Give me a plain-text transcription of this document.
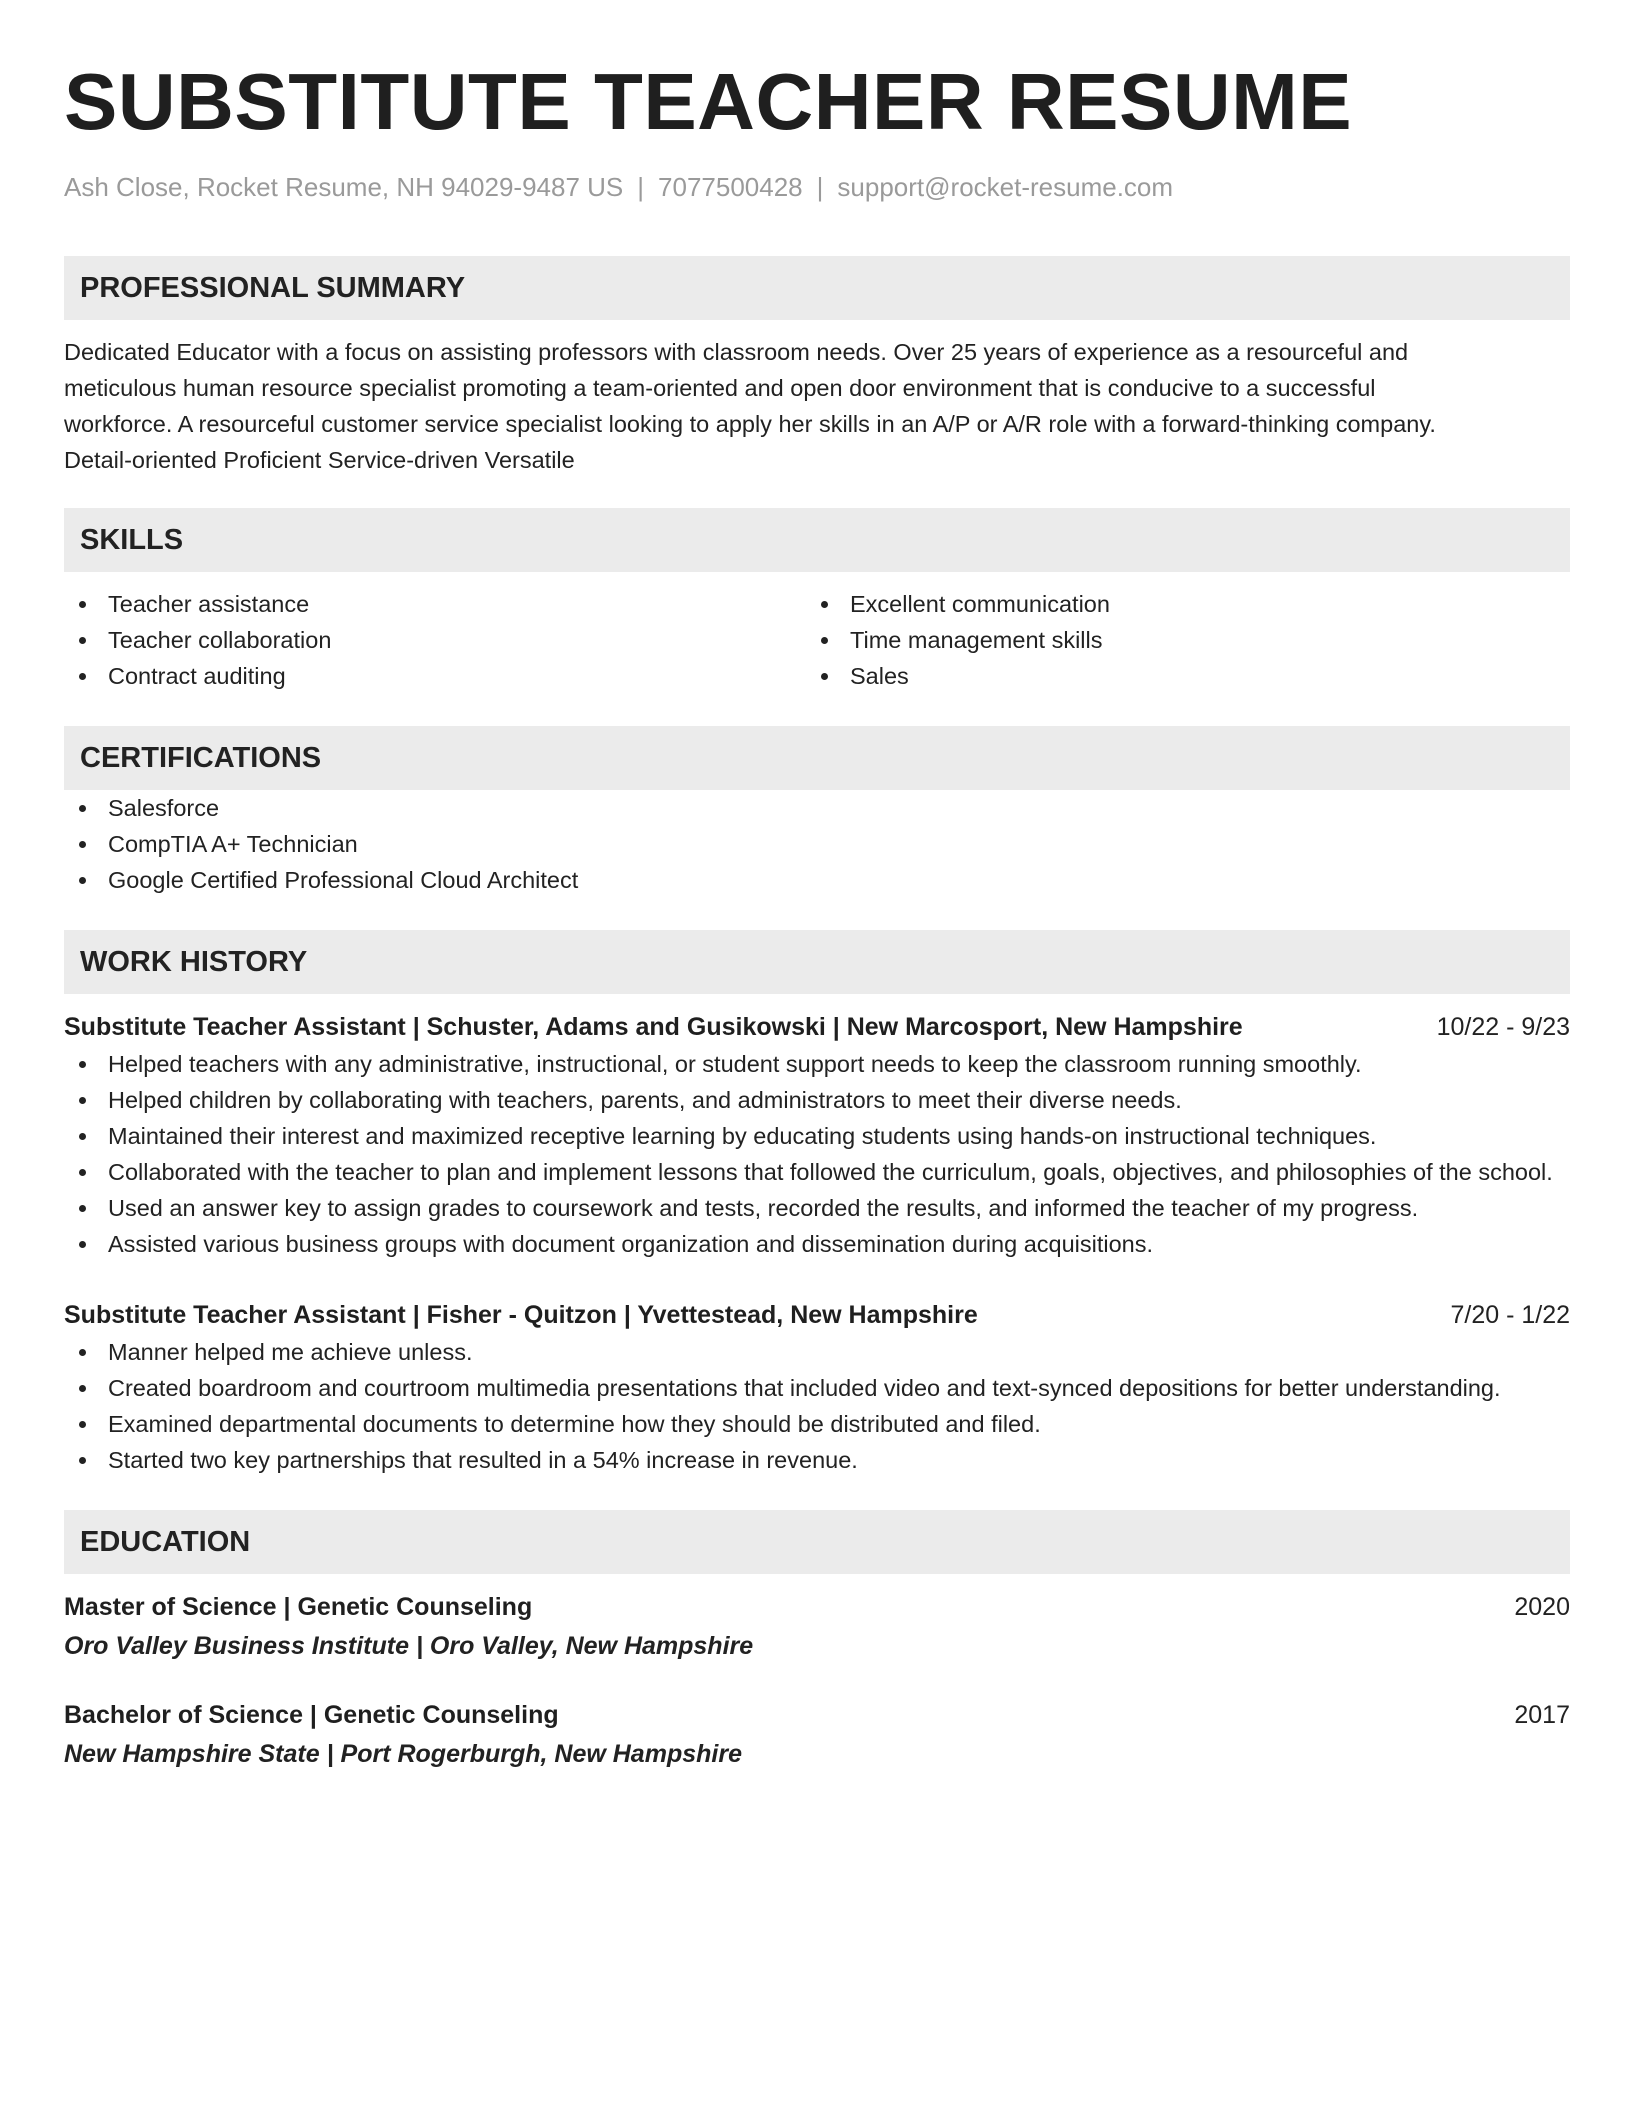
SUBSTITUTE TEACHER RESUME
Ash Close, Rocket Resume, NH 94029-9487 US | 7077500428 | support@rocket-resume.com
PROFESSIONAL SUMMARY

Dedicated Educator with a focus on assisting professors with classroom needs. Over 25 years of experience as a resourceful and

meticulous human resource specialist promoting a team-oriented and open door environment that is conducive to a successful

workforce. A resourceful customer service specialist looking to apply her skills in an A/P or A/R role with a forward-thinking company.

Detail-oriented Proficient Service-driven Versatile

SKILLS
Teacher assistance
Teacher collaboration
Contract auditing
Excellent communication
Time management skills
Sales
CERTIFICATIONS
Salesforce
CompTIA A+ Technician
Google Certified Professional Cloud Architect
WORK HISTORY
Substitute Teacher Assistant | Schuster, Adams and Gusikowski | New Marcosport, New Hampshire	10/22 - 9/23
Helped teachers with any administrative, instructional, or student support needs to keep the classroom running smoothly.
Helped children by collaborating with teachers, parents, and administrators to meet their diverse needs.
Maintained their interest and maximized receptive learning by educating students using hands-on instructional techniques.
Collaborated with the teacher to plan and implement lessons that followed the curriculum, goals, objectives, and philosophies of the school.
Used an answer key to assign grades to coursework and tests, recorded the results, and informed the teacher of my progress.
Assisted various business groups with document organization and dissemination during acquisitions.
Substitute Teacher Assistant | Fisher - Quitzon | Yvettestead, New Hampshire	7/20 - 1/22
Manner helped me achieve unless.
Created boardroom and courtroom multimedia presentations that included video and text-synced depositions for better understanding.
Examined departmental documents to determine how they should be distributed and filed.
Started two key partnerships that resulted in a 54% increase in revenue.
EDUCATION
Master of Science | Genetic Counseling	2020
Oro Valley Business Institute | Oro Valley, New Hampshire
Bachelor of Science | Genetic Counseling	2017
New Hampshire State | Port Rogerburgh, New Hampshire
